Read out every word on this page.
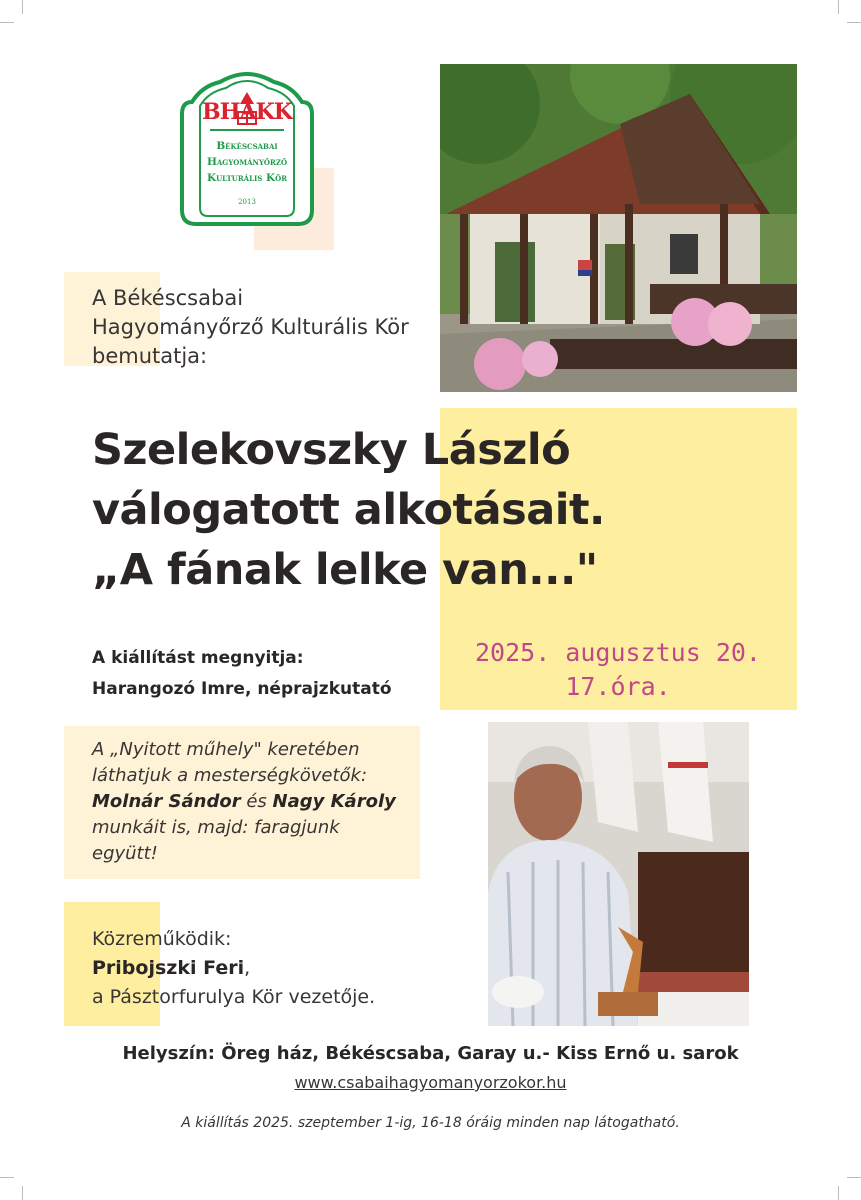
BHAKK
Békéscsabai
Hagyományőrző
Kulturális Kör
2013
A Békéscsabai
Hagyományőrző Kulturális Kör
bemutatja:
Szelekovszky László
válogatott alkotásait.
„A fának lelke van..."
A kiállítást megnyitja:
Harangozó Imre, néprajzkutató
2025. augusztus 20.
17.óra.
A „Nyitott műhely" keretében
láthatjuk a mesterségkövetők:
Molnár Sándor és Nagy Károly
munkáit is, majd: faragjunk
együtt!
Közreműködik:
Pribojszki Feri,
a Pásztorfurulya Kör vezetője.
Helyszín: Öreg ház, Békéscsaba, Garay u.- Kiss Ernő u. sarok
www.csabaihagyomanyorzokor.hu
A kiállítás 2025. szeptember 1-ig, 16-18 óráig minden nap látogatható.
